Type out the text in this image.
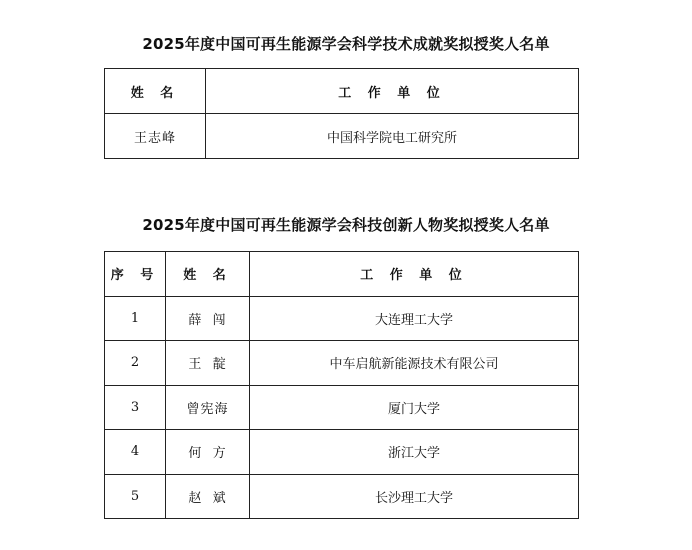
2025年度中国可再生能源学会科学技术成就奖拟授奖人名单
姓 名	工 作 单 位
王志峰	中国科学院电工研究所
2025年度中国可再生能源学会科技创新人物奖拟授奖人名单
序 号	姓 名	工 作 单 位
1	薛  闯	大连理工大学
2	王  靛	中车启航新能源技术有限公司
3	曾宪海	厦门大学
4	何  方	浙江大学
5	赵  斌	长沙理工大学
